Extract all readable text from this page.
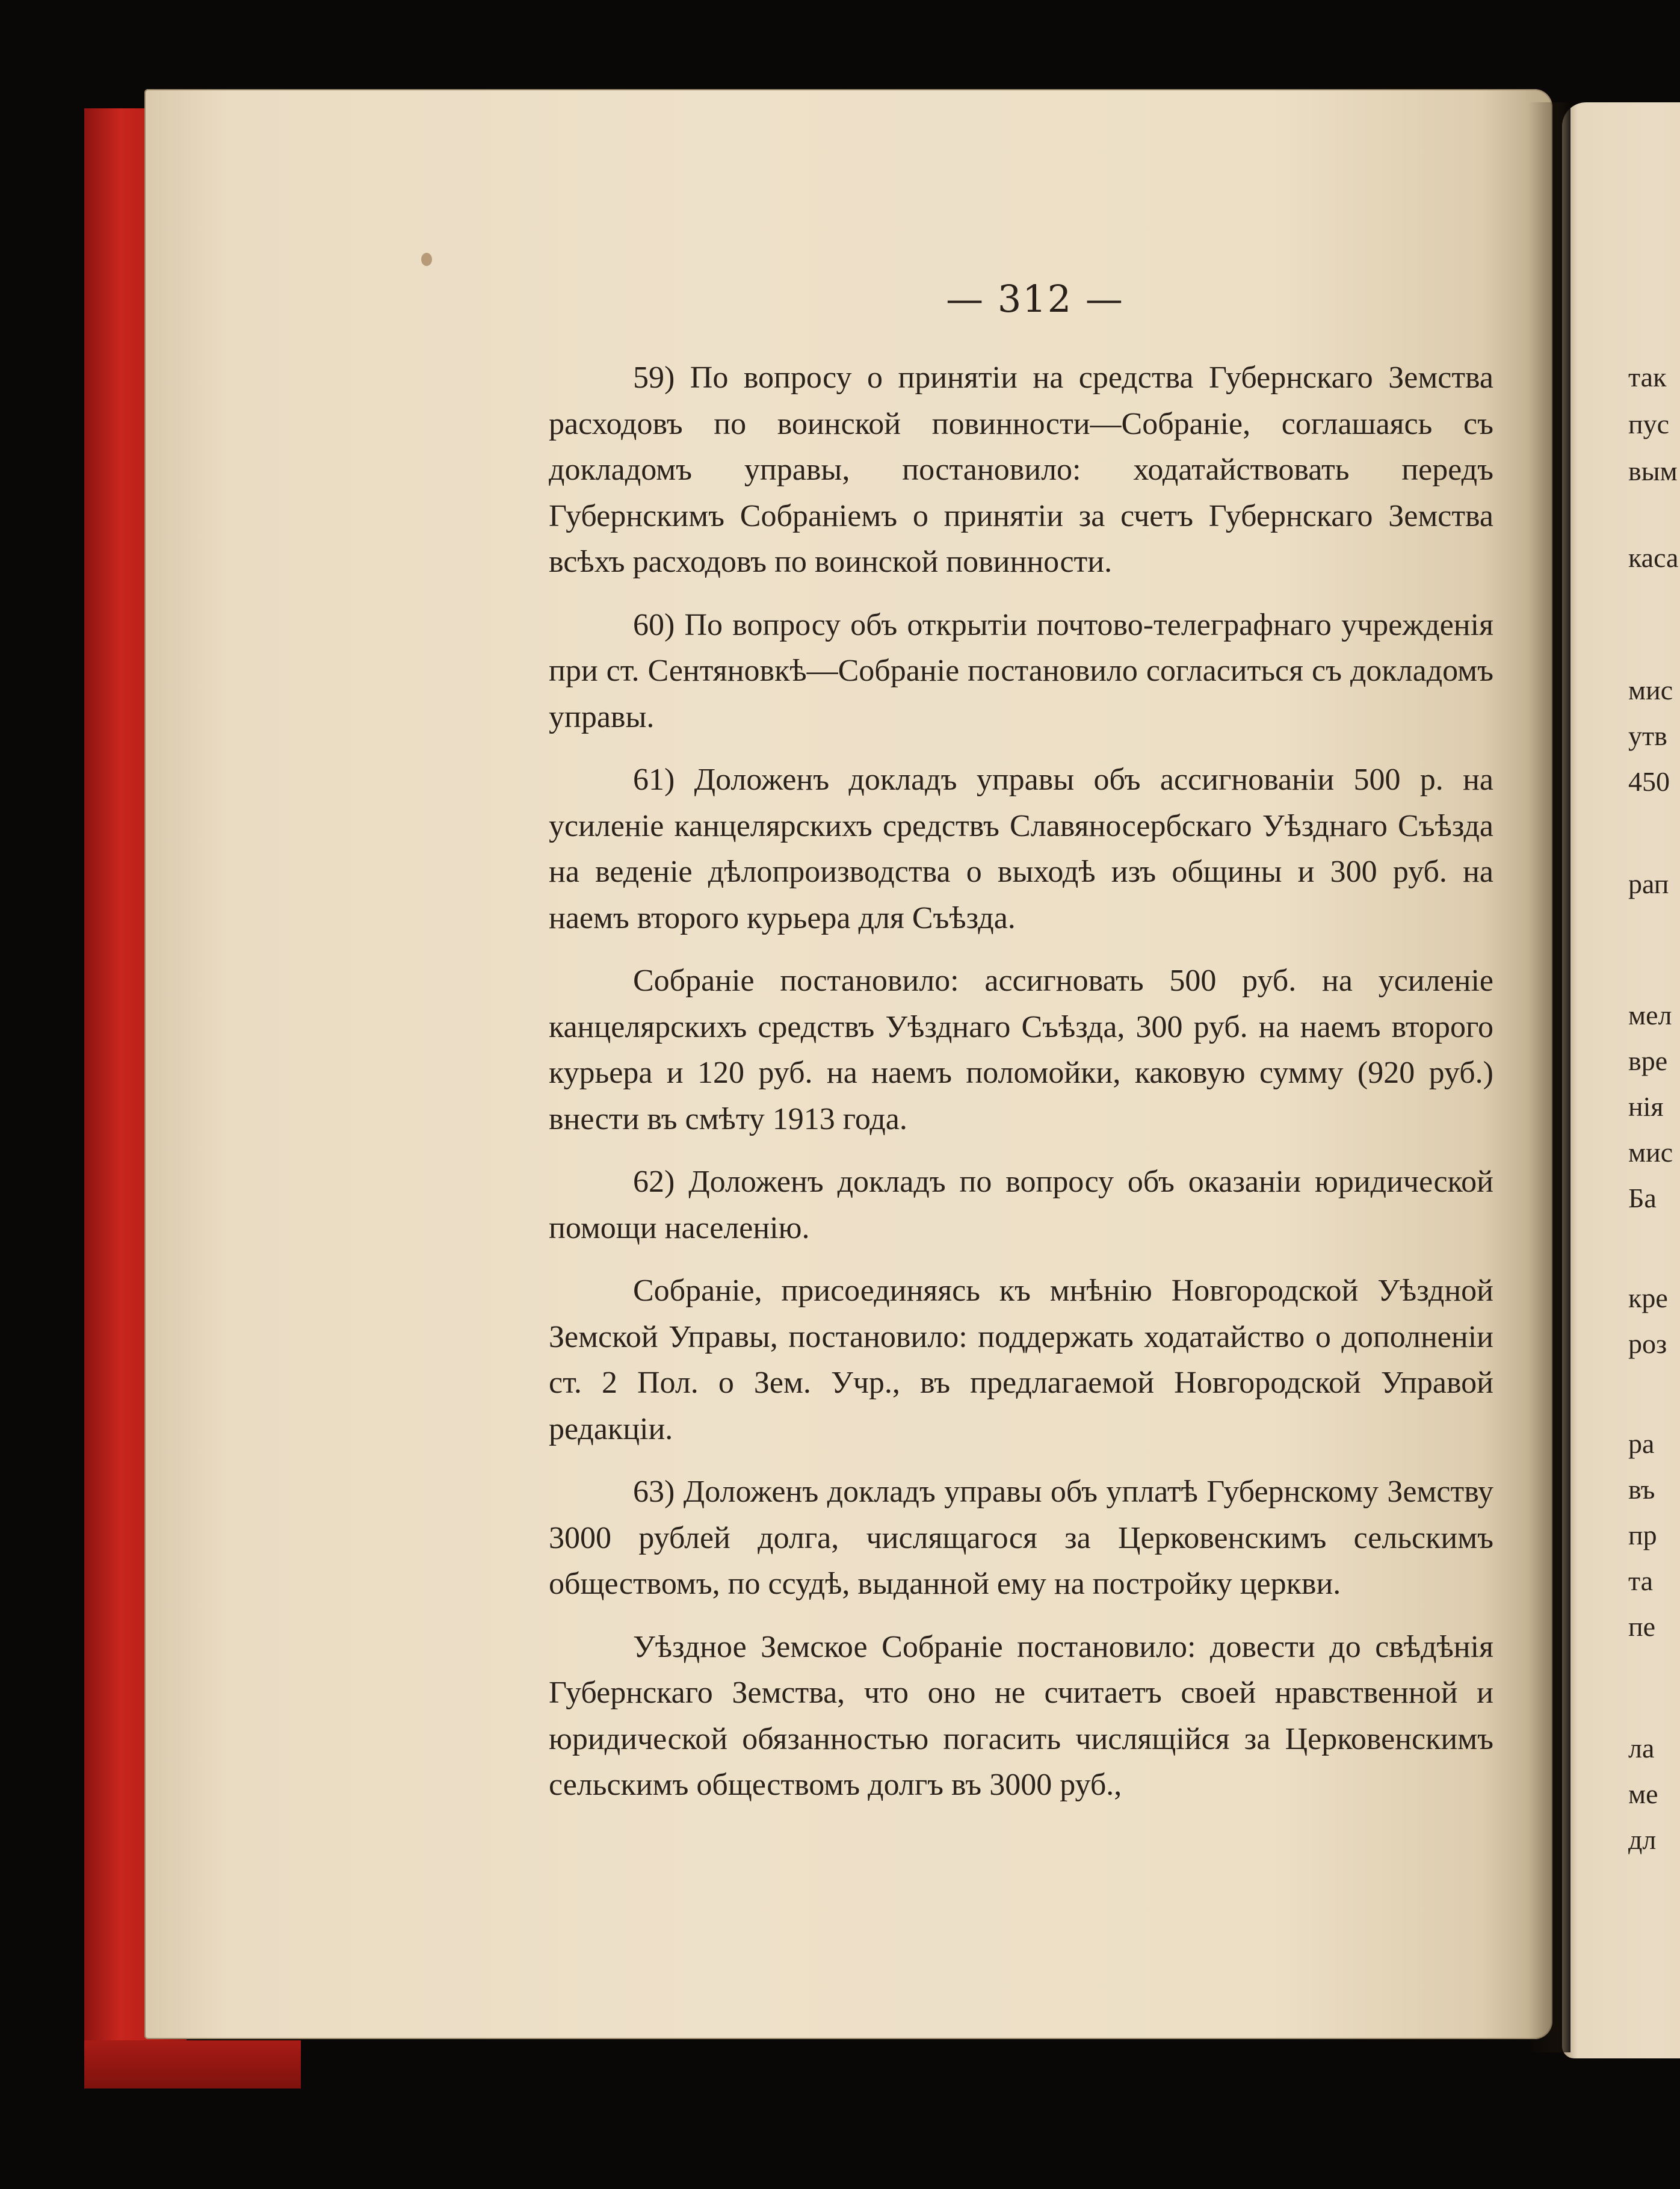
— 312 —

59) По вопросу о принятіи на средства Губернскаго Земства расходовъ по воинской повинности—Собраніе, соглашаясь съ докладомъ управы, постановило: ходатайствовать передъ Губернскимъ Собраніемъ о принятіи за счетъ Губернскаго Земства всѣхъ расходовъ по воинской повинности.

60) По вопросу объ открытіи почтово-телеграфнаго учрежденія при ст. Сентяновкѣ—Собраніе постановило согласиться съ докладомъ управы.

61) Доложенъ докладъ управы объ ассигнованіи 500 р. на усиленіе канцелярскихъ средствъ Славяносербскаго Уѣзднаго Съѣзда на веденіе дѣлопроизводства о выходѣ изъ общины и 300 руб. на наемъ второго курьера для Съѣзда.

Собраніе постановило: ассигновать 500 руб. на усиленіе канцелярскихъ средствъ Уѣзднаго Съѣзда, 300 руб. на наемъ второго курьера и 120 руб. на наемъ поломойки, каковую сумму (920 руб.) внести въ смѣту 1913 года.

62) Доложенъ докладъ по вопросу объ оказаніи юридической помощи населенію.

Собраніе, присоединяясь къ мнѣнію Новгородской Уѣздной Земской Управы, постановило: поддержать ходатайство о дополненіи ст. 2 Пол. о Зем. Учр., въ предлагаемой Новгородской Управой редакціи.

63) Доложенъ докладъ управы объ уплатѣ Губернскому Земству 3000 рублей долга, числящагося за Церковенскимъ сельскимъ обществомъ, по ссудѣ, выданной ему на постройку церкви.

Уѣздное Земское Собраніе постановило: довести до свѣдѣнія Губернскаго Земства, что оно не считаетъ своей нравственной и юридической обязанностью погасить числящійся за Церковенскимъ сельскимъ обществомъ долгъ въ 3000 руб.,

так
пус
вым
каса
мис
утв
450
рап
мел
вре
нія
мис
Ба
кре
роз
ра
въ
пр
та
пе
ла
ме
дл
